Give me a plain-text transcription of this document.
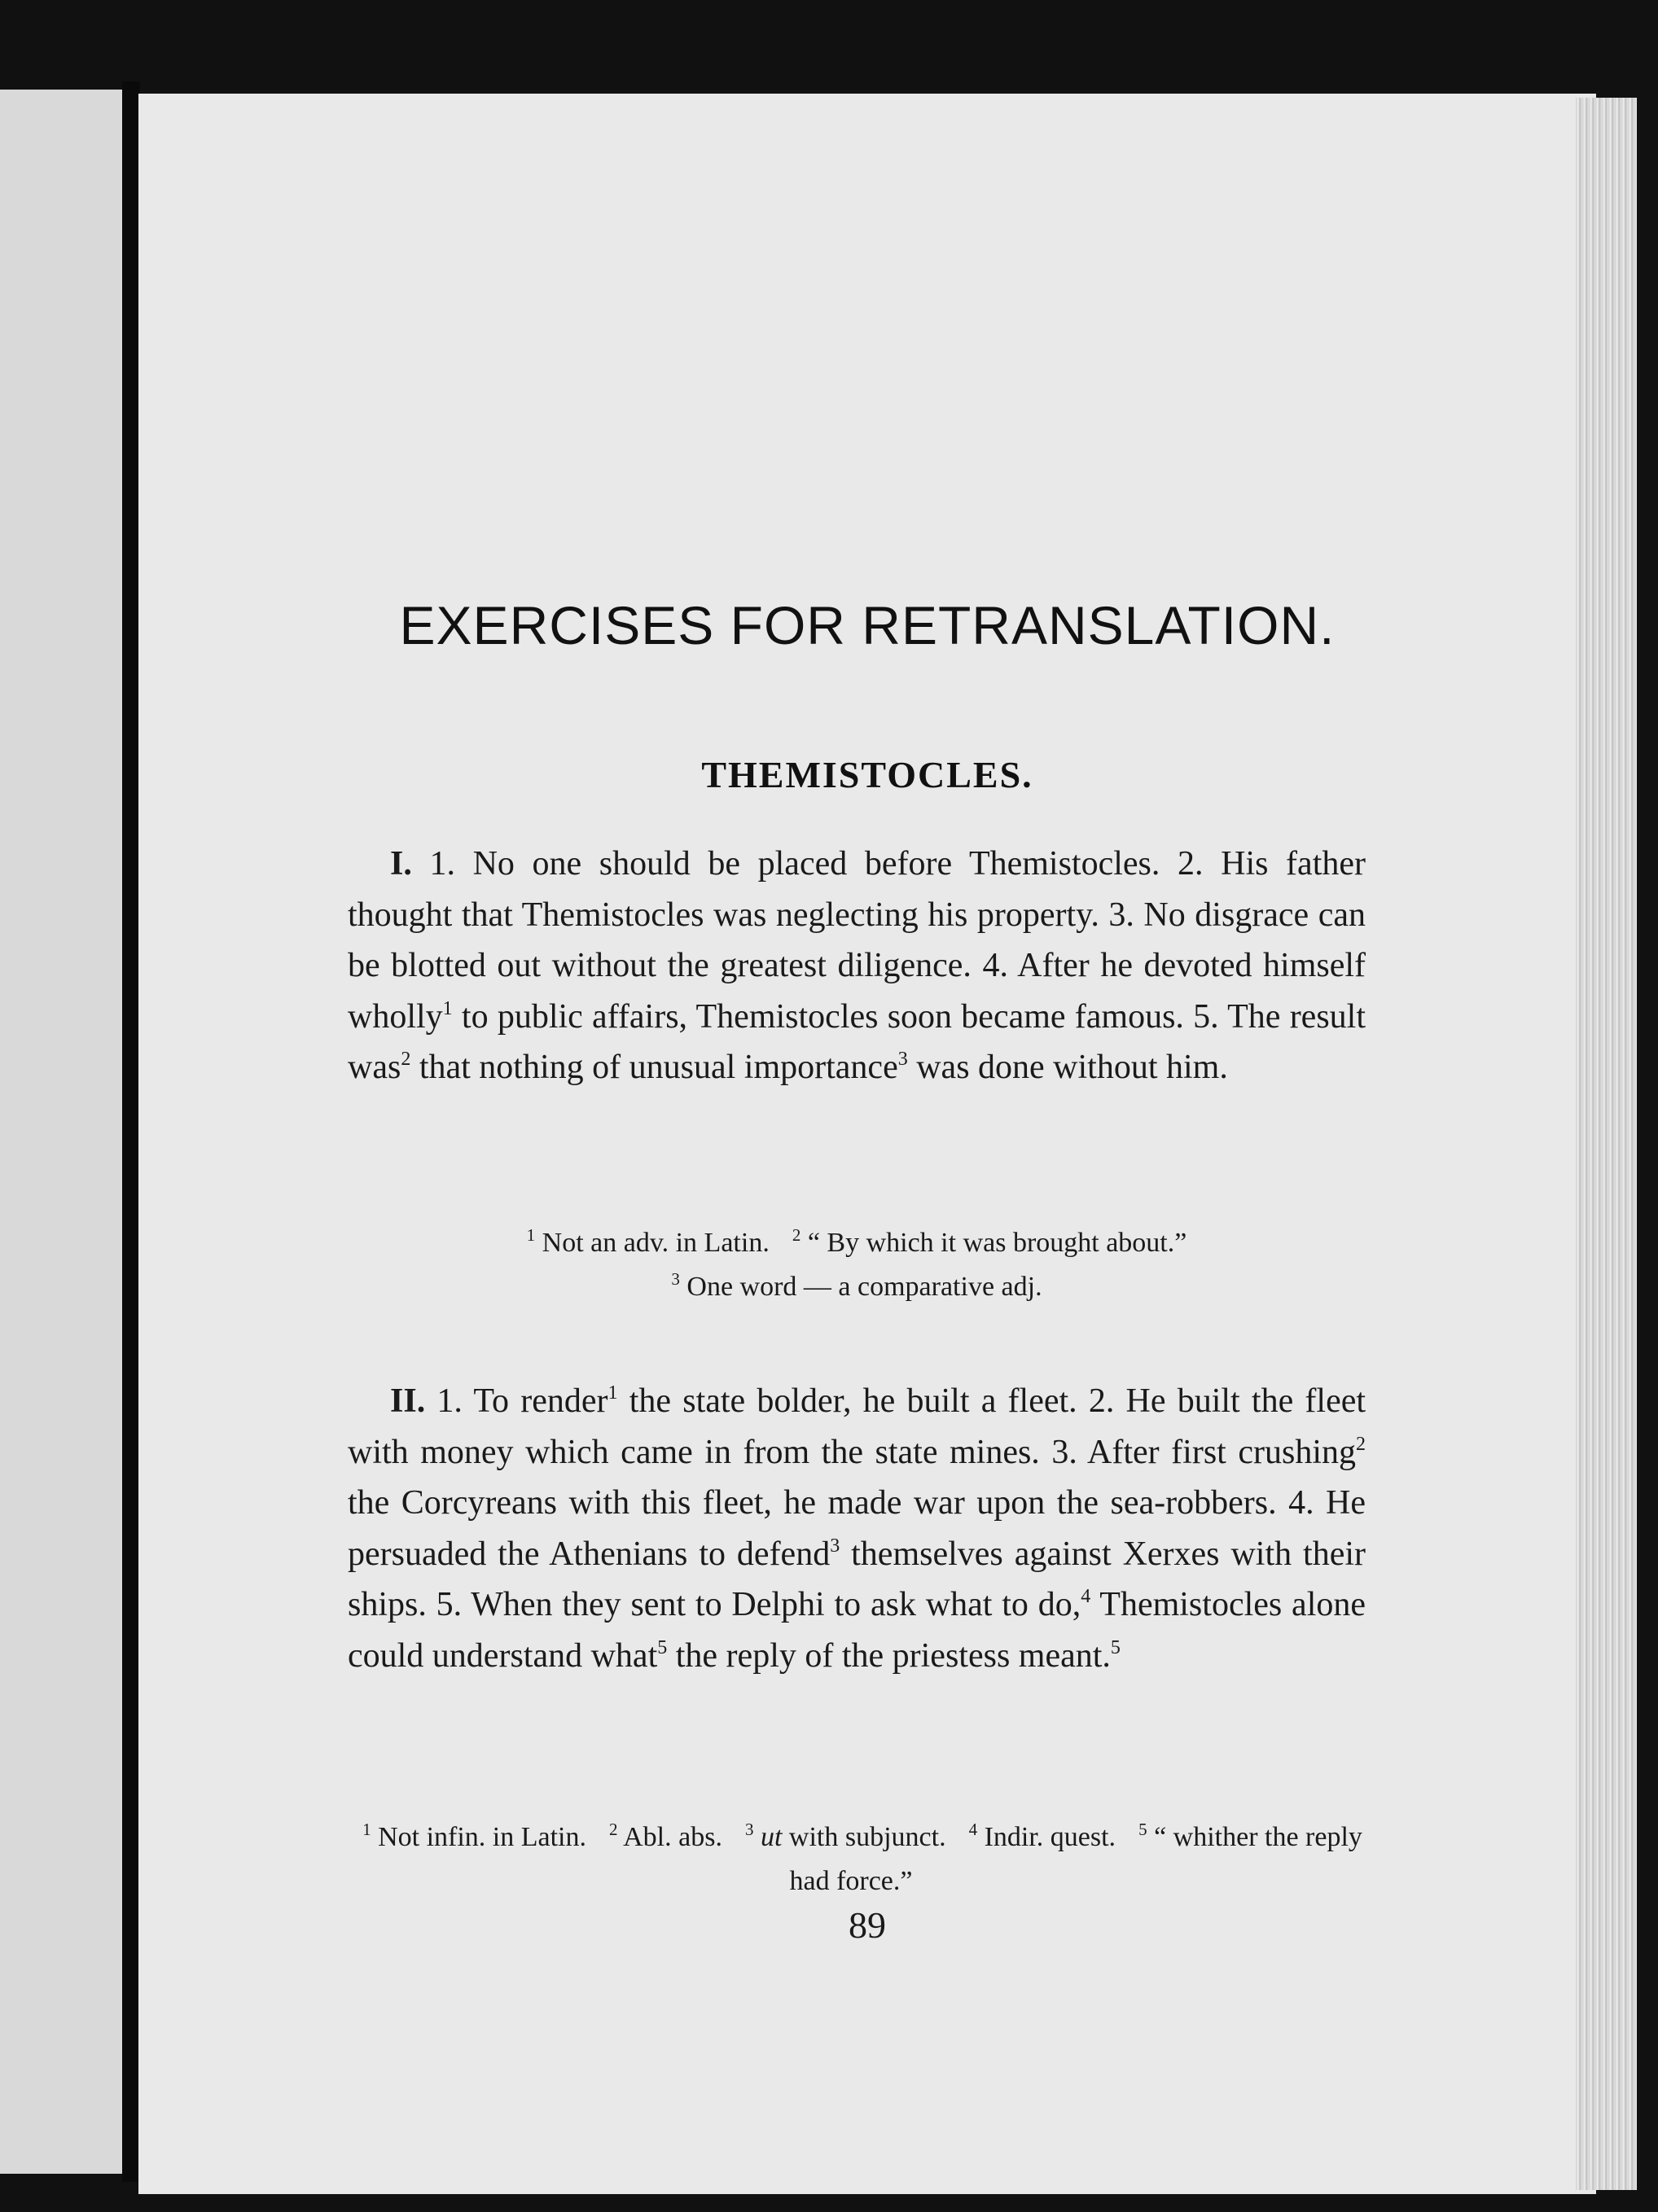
EXERCISES FOR RETRANSLATION.
THEMISTOCLES.

I. 1. No one should be placed before Themistocles. 2. His father thought that Themistocles was neglecting his property. 3. No disgrace can be blotted out without the greatest diligence. 4. After he devoted himself wholly$^1$ to public affairs, Themistocles soon became famous. 5. The result was$^2$ that nothing of unusual importance$^3$ was done without him.

$^1$ Not an adv. in Latin. $^2$ “ By which it was brought about.”
$^3$ One word — a comparative adj.

II. 1. To render$^1$ the state bolder, he built a fleet. 2. He built the fleet with money which came in from the state mines. 3. After first crushing$^2$ the Corcyreans with this fleet, he made war upon the sea-robbers. 4. He persuaded the Athenians to defend$^3$ themselves against Xerxes with their ships. 5. When they sent to Delphi to ask what to do,$^4$ Themistocles alone could understand what$^5$ the reply of the priestess meant.$^5$

$^1$ Not infin. in Latin. $^2$ Abl. abs. $^3$ ut with subjunct. $^4$ Indir. quest. $^5$ “ whither the reply had force.”

89
